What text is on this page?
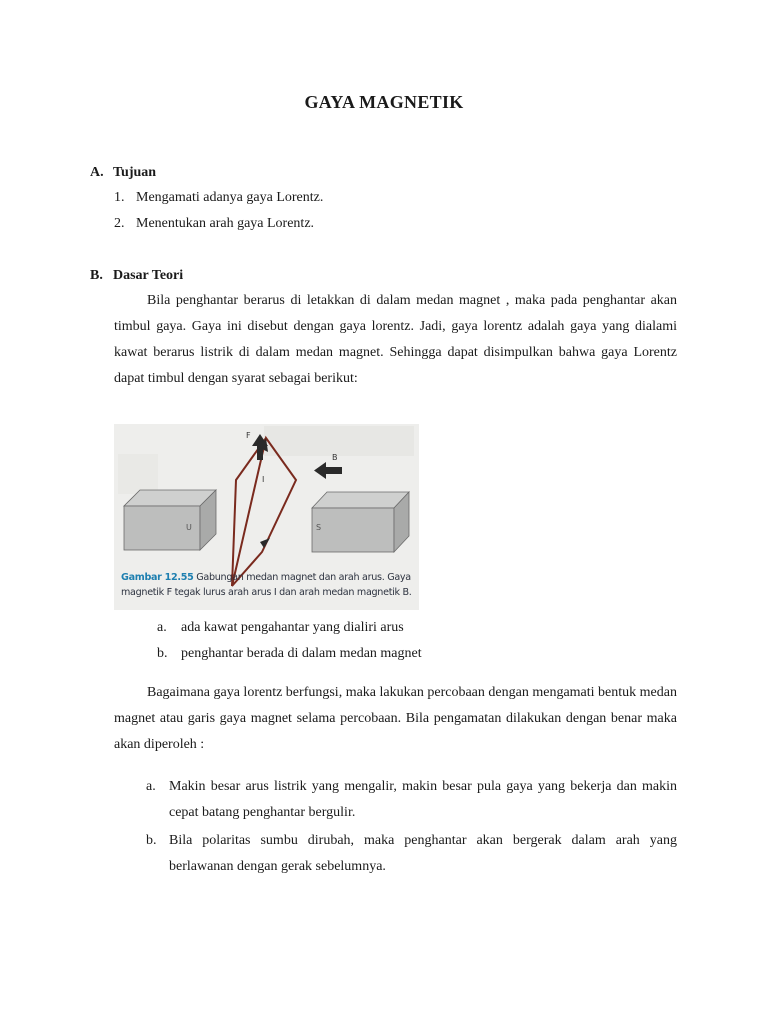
GAYA MAGNETIK
A. Tujuan
1. Mengamati adanya gaya Lorentz.
2. Menentukan arah gaya Lorentz.
B. Dasar Teori

Bila penghantar berarus di letakkan di dalam medan magnet , maka pada penghantar akan timbul gaya. Gaya ini disebut dengan gaya lorentz. Jadi, gaya lorentz adalah gaya yang dialami kawat berarus listrik di dalam medan magnet. Sehingga dapat disimpulkan bahwa gaya Lorentz dapat timbul dengan syarat sebagai berikut:

F
B
I
U	S
Gambar 12.55 Gabungan medan magnet dan arah arus. Gaya
magnetik F tegak lurus arah arus I dan arah medan magnetik B.
a. ada kawat pengahantar yang dialiri arus
b. penghantar berada di dalam medan magnet

Bagaimana gaya lorentz berfungsi, maka lakukan percobaan dengan mengamati bentuk medan magnet atau garis gaya magnet selama percobaan. Bila pengamatan dilakukan dengan benar maka akan diperoleh :

a. Makin besar arus listrik yang mengalir, makin besar pula gaya yang bekerja dan makin cepat batang penghantar bergulir.

b. Bila polaritas sumbu dirubah, maka penghantar akan bergerak dalam arah yang berlawanan dengan gerak sebelumnya.
